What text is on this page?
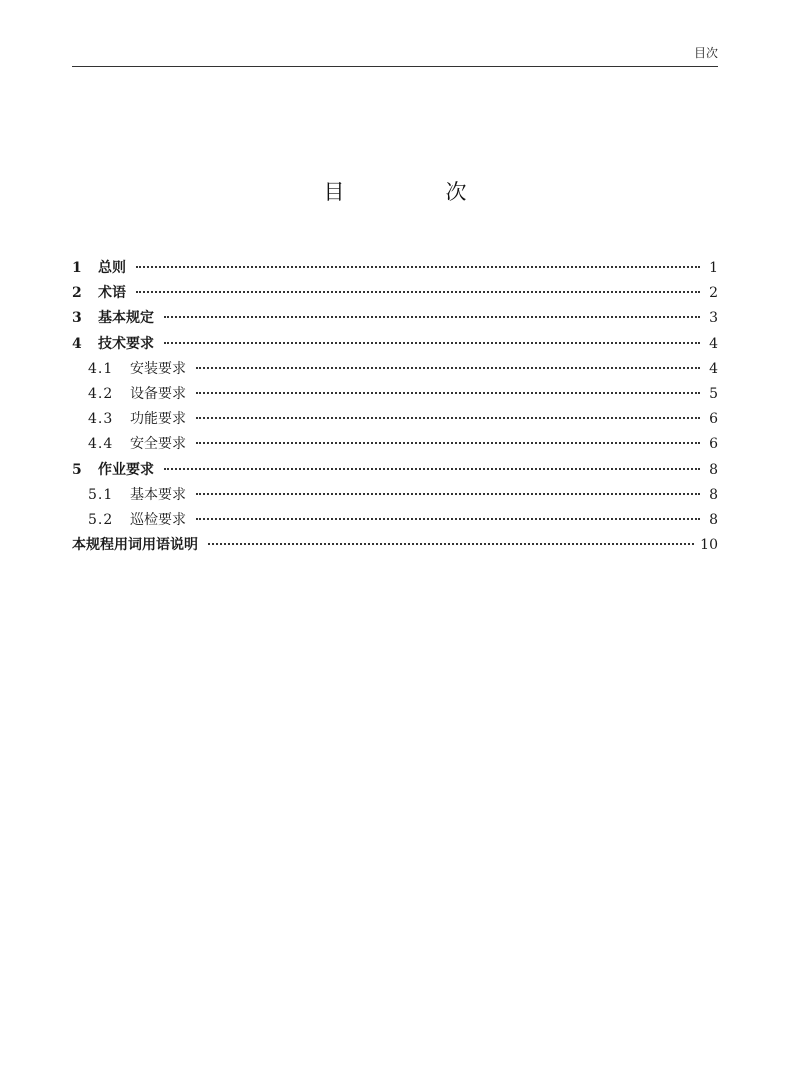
目次
目　次
1	总则	1
2	术语	2
3	基本规定	3
4	技术要求	4
4.1	安装要求	4
4.2	设备要求	5
4.3	功能要求	6
4.4	安全要求	6
5	作业要求	8
5.1	基本要求	8
5.2	巡检要求	8
本规程用词用语说明	10
